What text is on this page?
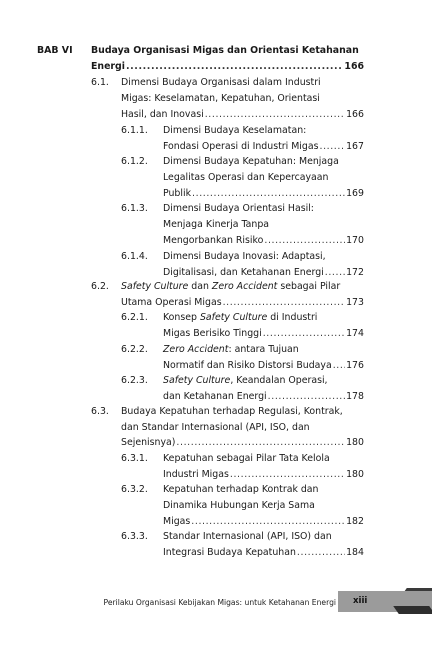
BAB VI Budaya Organisasi Migas dan Orientasi Ketahanan
Energi .....	166
6.1. Dimensi Budaya Organisasi dalam Industri
Migas: Keselamatan, Kepatuhan, Orientasi
Hasil, dan Inovasi .....	166
6.1.1. Dimensi Budaya Keselamatan:
Fondasi Operasi di Industri Migas .....	167
6.1.2. Dimensi Budaya Kepatuhan: Menjaga
Legalitas Operasi dan Kepercayaan
Publik .....	169
6.1.3. Dimensi Budaya Orientasi Hasil:
Menjaga Kinerja Tanpa
Mengorbankan Risiko .....	170
6.1.4. Dimensi Budaya Inovasi: Adaptasi,
Digitalisasi, dan Ketahanan Energi ..... 172
6.2. Safety Culture dan Zero Accident sebagai Pilar
Utama Operasi Migas .....	173
6.2.1. Konsep Safety Culture di Industri
Migas Berisiko Tinggi .....	174
6.2.2. Zero Accident: antara Tujuan
Normatif dan Risiko Distorsi Budaya ..... 176
6.2.3. Safety Culture, Keandalan Operasi,
dan Ketahanan Energi .....	178
6.3. Budaya Kepatuhan terhadap Regulasi, Kontrak,
dan Standar Internasional (API, ISO, dan
Sejenisnya) .....	180
6.3.1. Kepatuhan sebagai Pilar Tata Kelola
Industri Migas .....	180
6.3.2. Kepatuhan terhadap Kontrak dan
Dinamika Hubungan Kerja Sama
Migas .....	182
6.3.3. Standar Internasional (API, ISO) dan
Integrasi Budaya Kepatuhan .....	184
Perilaku Organisasi Kebijakan Migas: untuk Ketahanan Energi xiii
